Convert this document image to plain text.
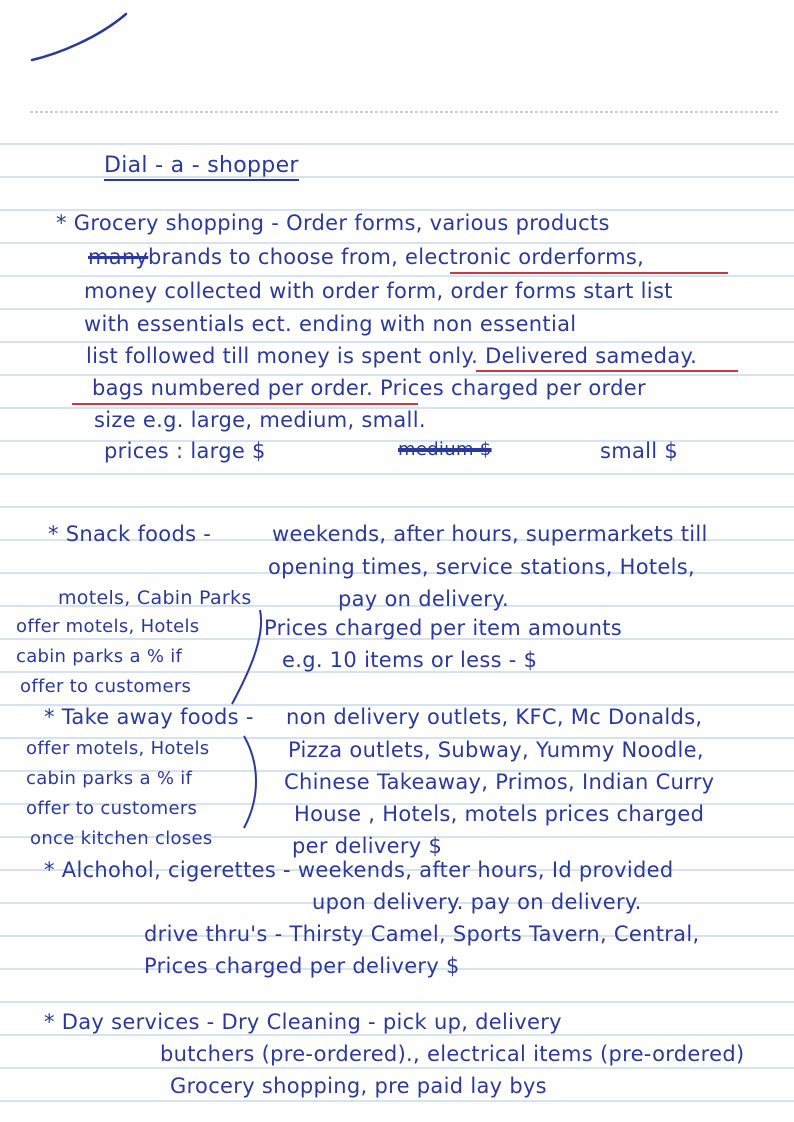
Dial - a - shopper
* Grocery shopping - Order forms, various products
many brands to choose from, electronic orderforms,
money collected with order form, order forms start list
with essentials ect. ending with non essential
list followed till money is spent only. Delivered sameday.
bags numbered per order. Prices charged per order
size e.g. large, medium, small.
prices : large $	medium $	small $
* Snack foods -	weekends, after hours, supermarkets till
opening times, service stations, Hotels,
motels, Cabin Parks	pay on delivery.
offer motels, Hotels
cabin parks a % if
offer to customers
Prices charged per item amounts
e.g. 10 items or less - $
* Take away foods - non delivery outlets, KFC, Mc Donalds,
Pizza outlets, Subway, Yummy Noodle,
Chinese Takeaway, Primos, Indian Curry
House , Hotels, motels prices charged
per delivery $
offer motels, Hotels
cabin parks a % if
offer to customers
once kitchen closes
* Alchohol, cigerettes - weekends, after hours, Id provided
upon delivery. pay on delivery.
drive thru's - Thirsty Camel, Sports Tavern, Central,
Prices charged per delivery $
* Day services - Dry Cleaning - pick up, delivery
butchers (pre-ordered)., electrical items (pre-ordered)
Grocery shopping, pre paid lay bys
